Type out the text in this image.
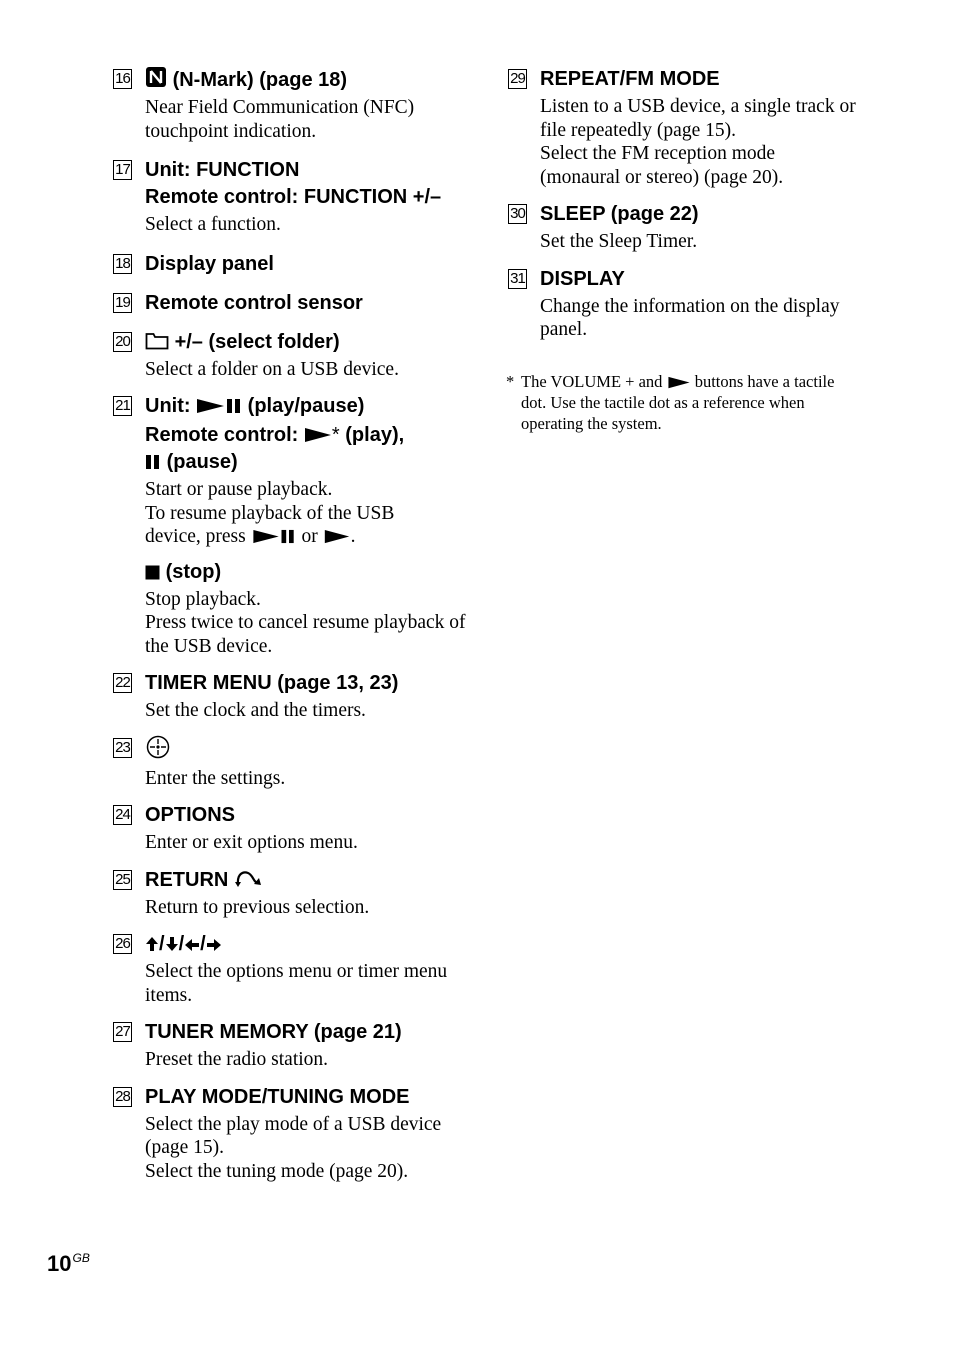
16	(N-Mark) (page 18)

Near Field Communication (NFC) touchpoint indication.

17 Unit: FUNCTION
Remote control: FUNCTION +/–

Select a function.

18 Display panel
19 Remote control sensor
20	+/– (select folder)

Select a folder on a USB device.

21 Unit:	(play/pause)
Remote control: * (play),
(pause)

Start or pause playback.

To resume playback of the USB

device, press	or .

(stop)

Stop playback.

Press twice to cancel resume playback of the USB device.

22 TIMER MENU (page 13, 23)

Set the clock and the timers.

23

Enter the settings.

24 OPTIONS

Enter or exit options menu.

25 RETURN

Return to previous selection.

26	/ / /

Select the options menu or timer menu items.

27 TUNER MEMORY (page 21)

Preset the radio station.

28 PLAY MODE/TUNING MODE

Select the play mode of a USB device (page 15).

Select the tuning mode (page 20).

29 REPEAT/FM MODE

Listen to a USB device, a single track or file repeatedly (page 15).

Select the FM reception mode (monaural or stereo) (page 20).

30 SLEEP (page 22)

Set the Sleep Timer.

31 DISPLAY

Change the information on the display panel.

* The VOLUME + and buttons have a tactile dot. Use the tactile dot as a reference when operating the system.
$10^{GB}$
